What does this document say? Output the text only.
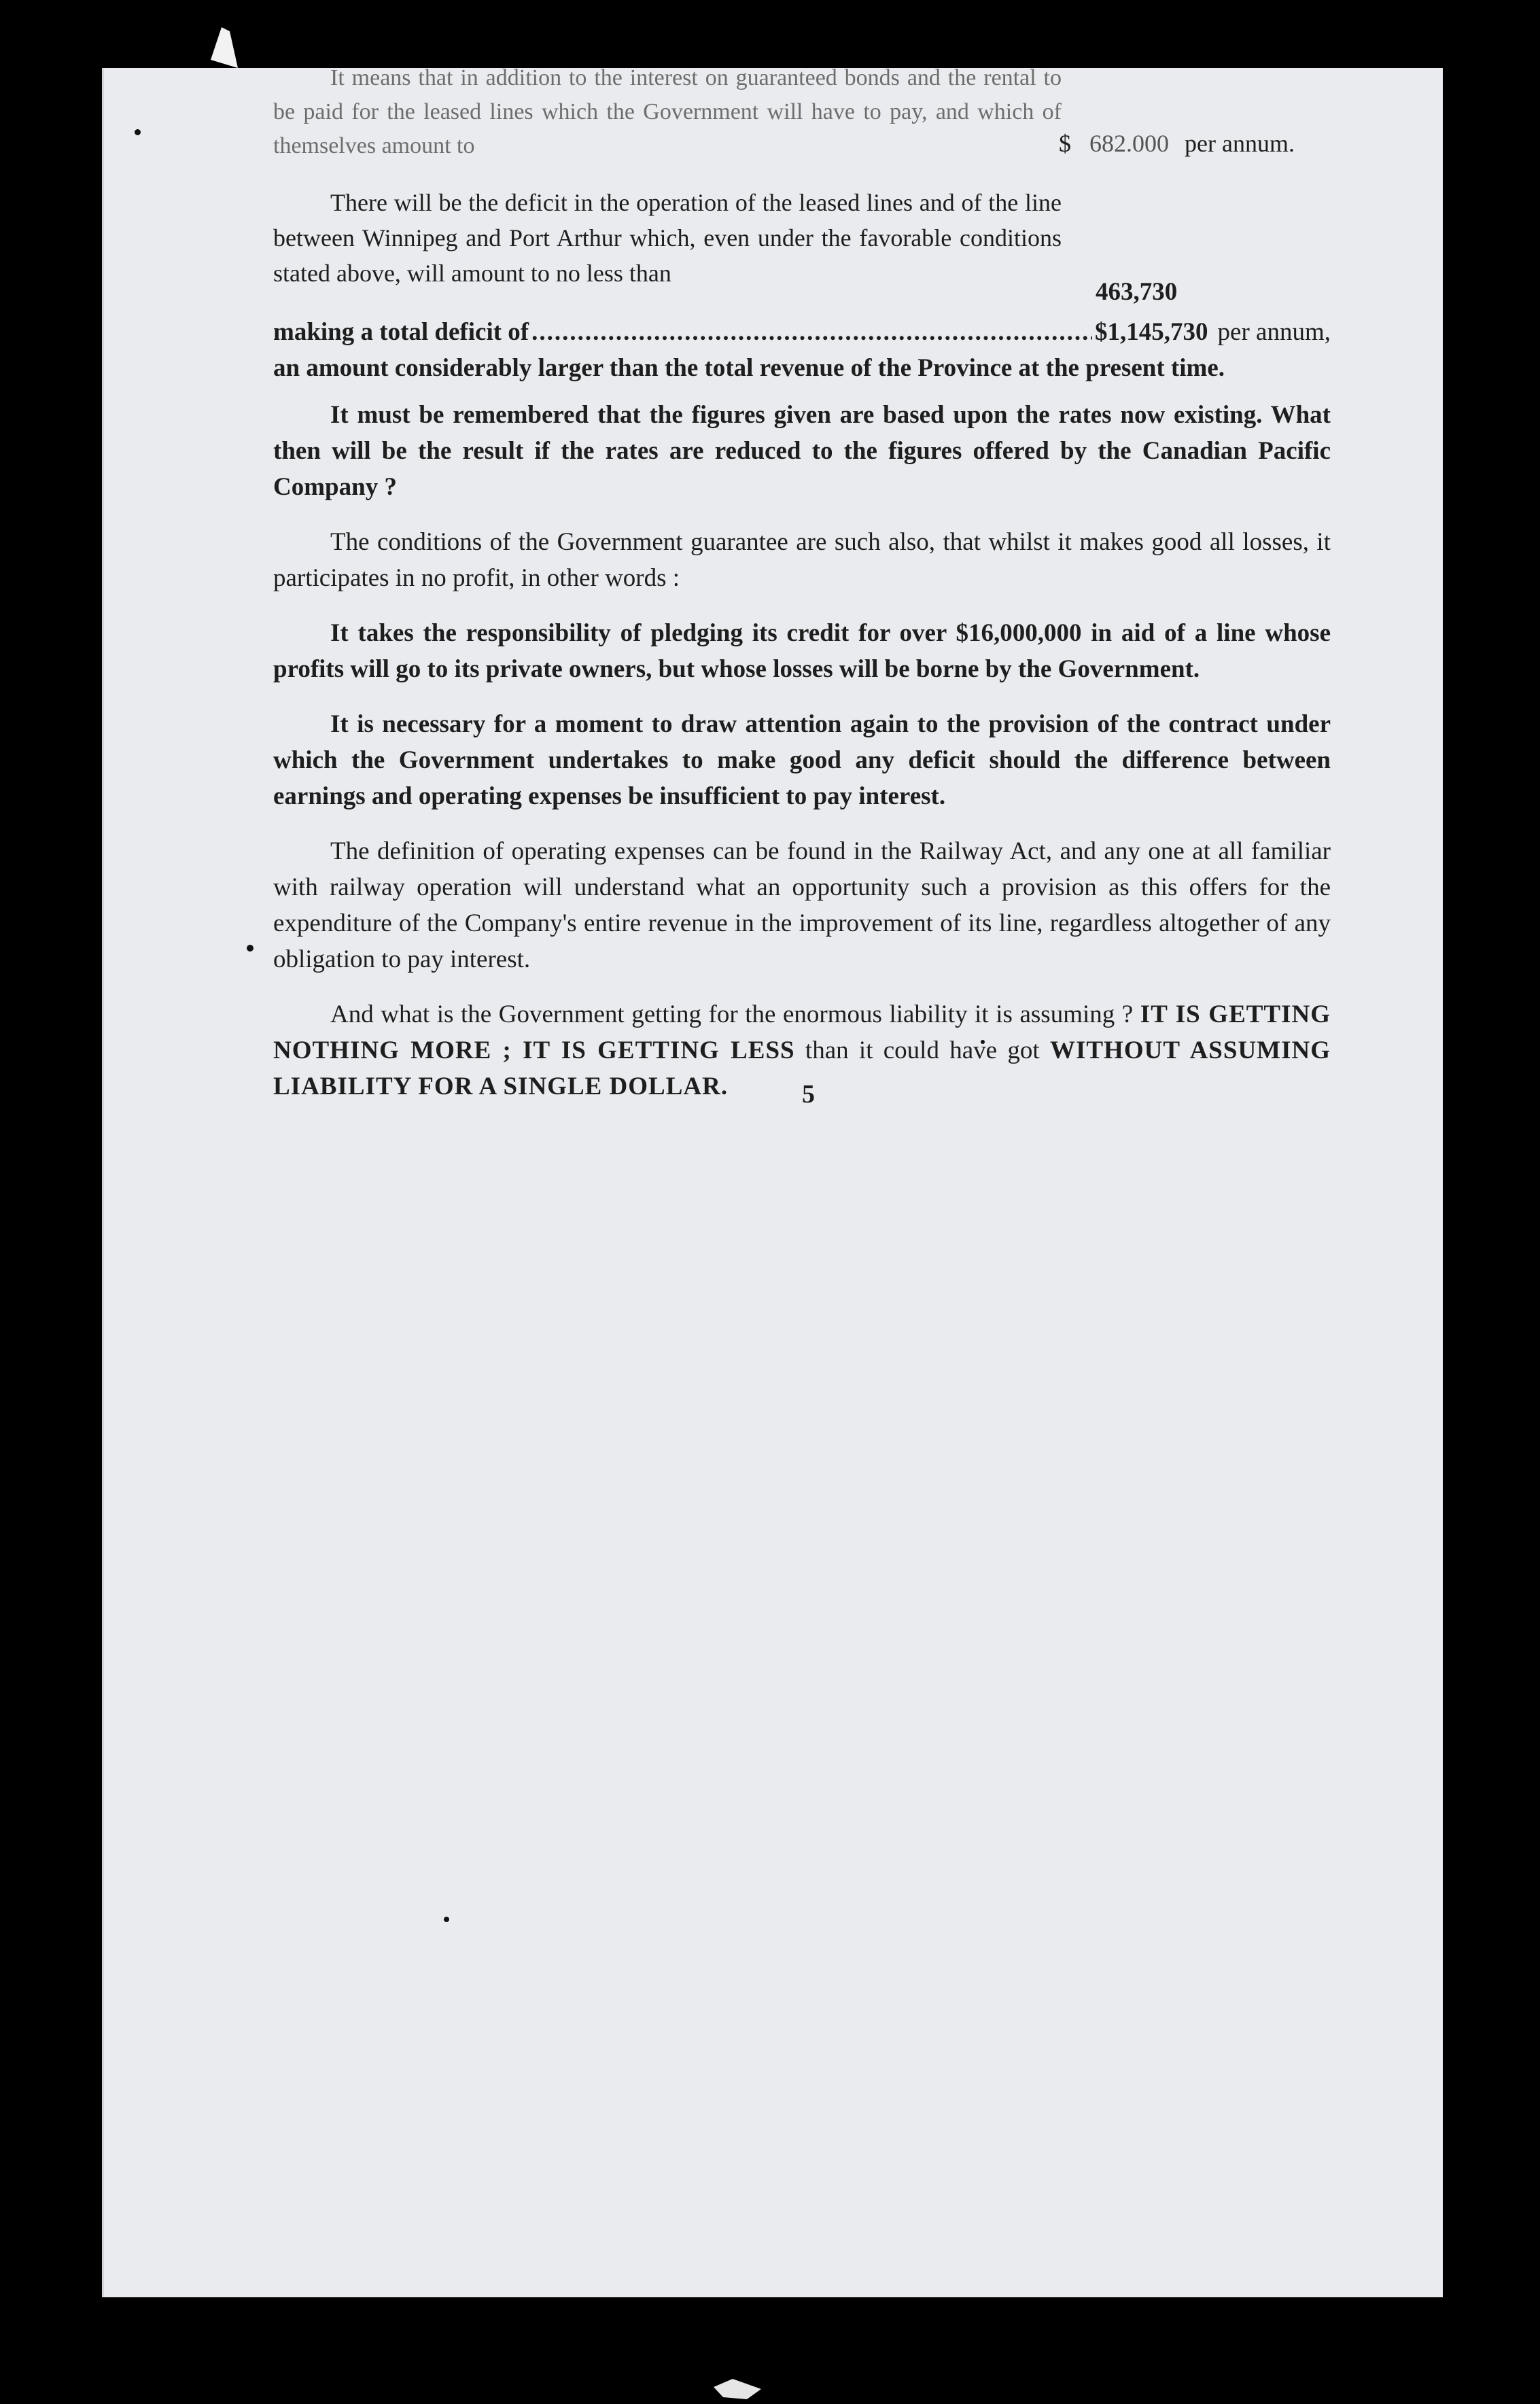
It means that in addition to the interest on guaranteed bonds and the rental to be paid for the leased lines which the Government will have to pay, and which of themselves amount to	$ 682.000 per annum.

There will be the deficit in the operation of the leased lines and of the line between Winnipeg and Port Arthur which, even under the favorable conditions stated above, will amount to no less than

463,730
making a total deficit of
.....	$1,145,730 per annum,

an amount considerably larger than the total revenue of the Province at the present time.

It must be remembered that the figures given are based upon the rates now existing. What then will be the result if the rates are reduced to the figures offered by the Canadian Pacific Company ?

The conditions of the Government guarantee are such also, that whilst it makes good all losses, it participates in no profit, in other words :

It takes the responsibility of pledging its credit for over $16,000,000 in aid of a line whose profits will go to its private owners, but whose losses will be borne by the Government.

It is necessary for a moment to draw attention again to the provision of the contract under which the Government undertakes to make good any deficit should the difference between earnings and operating expenses be insufficient to pay interest.

The definition of operating expenses can be found in the Railway Act, and any one at all familiar with railway operation will understand what an opportunity such a provision as this offers for the expenditure of the Company's entire revenue in the improvement of its line, regardless altogether of any obligation to pay interest.

And what is the Government getting for the enormous liability it is assuming ? IT IS GETTING NOTHING MORE ; IT IS GETTING LESS than it could have got WITHOUT ASSUMING LIABILITY FOR A SINGLE DOLLAR.	5
